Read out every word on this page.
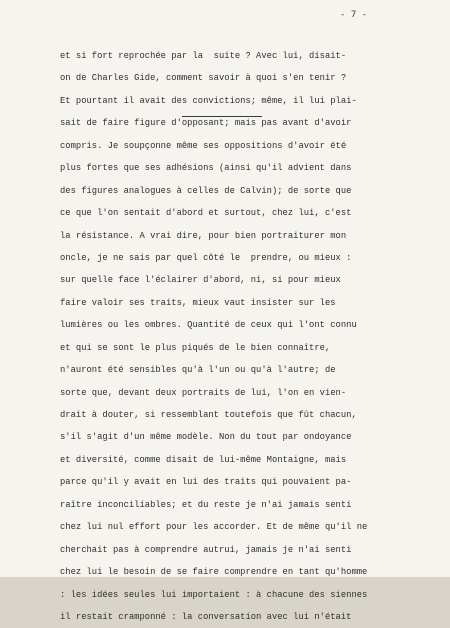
- 7 -
et si fort reprochée par la  suite ? Avec lui, disait-
on de Charles Gide, comment savoir à quoi s'en tenir ?
Et pourtant il avait des convictions; même, il lui plai-
sait de faire figure d'opposant; mais pas avant d'avoir
compris. Je soupçonne même ses oppositions d'avoir été
plus fortes que ses adhésions (ainsi qu'il advient dans
des figures analogues à celles de Calvin); de sorte que
ce que l'on sentait d'abord et surtout, chez lui, c'est
la résistance. A vrai dire, pour bien portraiturer mon
oncle, je ne sais par quel côté le  prendre, ou mieux :
sur quelle face l'éclairer d'abord, ni, si pour mieux
faire valoir ses traits, mieux vaut insister sur les
lumières ou les ombres. Quantité de ceux qui l'ont connu
et qui se sont le plus piqués de le bien connaître,
n'auront été sensibles qu'à l'un ou qu'à l'autre; de
sorte que, devant deux portraits de lui, l'on en vien-
drait à douter, si ressemblant toutefois que fût chacun,
s'il s'agit d'un même modèle. Non du tout par ondoyance
et diversité, comme disait de lui-même Montaigne, mais
parce qu'il y avait en lui des traits qui pouvaient pa-
raître inconciliables; et du reste je n'ai jamais senti
chez lui nul effort pour les accorder. Et de même qu'il ne
cherchait pas à comprendre autrui, jamais je n'ai senti
chez lui le besoin de se faire comprendre en tant qu'homme
: les idées seules lui importaient : à chacune des siennes
il restait cramponné : la conversation avec lui n'était
